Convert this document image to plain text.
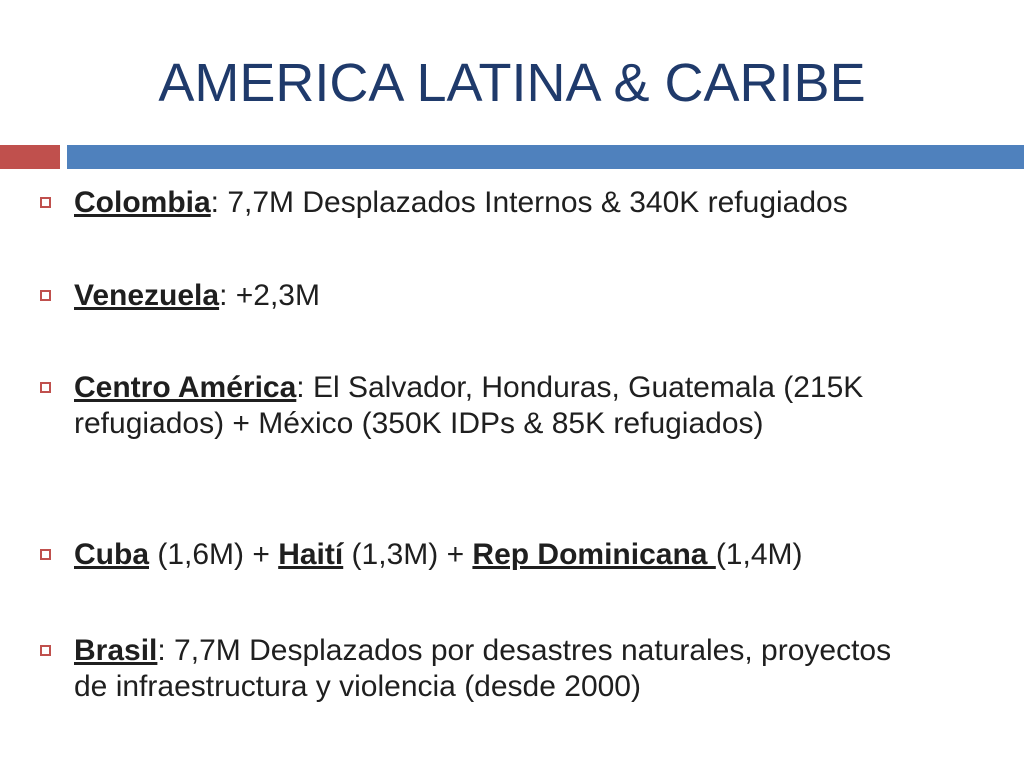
AMERICA LATINA & CARIBE
Colombia: 7,7M Desplazados Internos & 340K refugiados
Venezuela: +2,3M
Centro América: El Salvador, Honduras, Guatemala (215K refugiados) + México (350K IDPs & 85K refugiados)
Cuba (1,6M) + Haití (1,3M) + Rep Dominicana (1,4M)
Brasil: 7,7M Desplazados por desastres naturales, proyectos de infraestructura y violencia (desde 2000)
